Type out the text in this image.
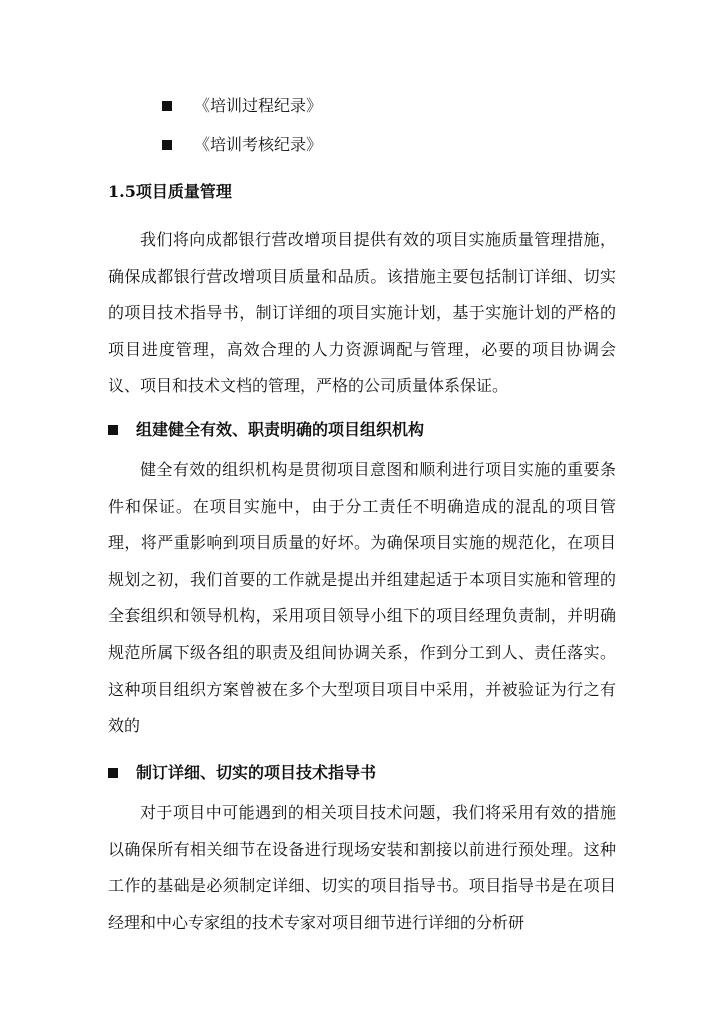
《培训过程纪录》
《培训考核纪录》
1.5项目质量管理

我们将向成都银行营改增项目提供有效的项目实施质量管理措施，确保成都银行营改增项目质量和品质。该措施主要包括制订详细、切实的项目技术指导书，制订详细的项目实施计划，基于实施计划的严格的项目进度管理，高效合理的人力资源调配与管理，必要的项目协调会议、项目和技术文档的管理，严格的公司质量体系保证。

组建健全有效、职责明确的项目组织机构

健全有效的组织机构是贯彻项目意图和顺利进行项目实施的重要条件和保证。在项目实施中，由于分工责任不明确造成的混乱的项目管理，将严重影响到项目质量的好坏。为确保项目实施的规范化，在项目规划之初，我们首要的工作就是提出并组建起适于本项目实施和管理的全套组织和领导机构，采用项目领导小组下的项目经理负责制，并明确规范所属下级各组的职责及组间协调关系，作到分工到人、责任落实。这种项目组织方案曾被在多个大型项目项目中采用，并被验证为行之有效的

制订详细、切实的项目技术指导书

对于项目中可能遇到的相关项目技术问题，我们将采用有效的措施以确保所有相关细节在设备进行现场安装和割接以前进行预处理。这种工作的基础是必须制定详细、切实的项目指导书。项目指导书是在项目经理和中心专家组的技术专家对项目细节进行详细的分析研
